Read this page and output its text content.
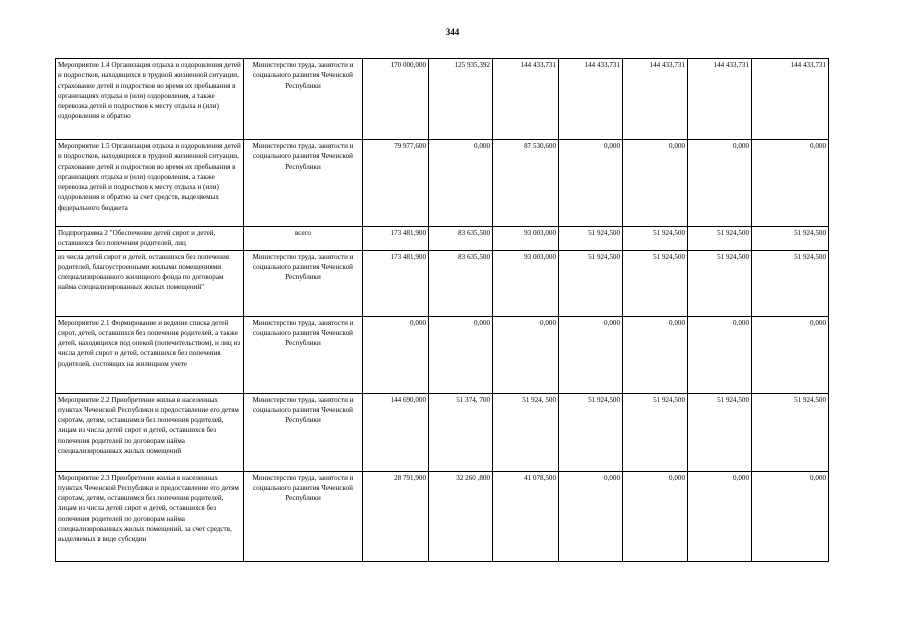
344
Мероприятие 1.4 Организация отдыха и оздоровления детей и подростков, находящихся в трудной жизненной ситуации, страхование детей и подростков во время их пребывания в организациях отдыха и (или) оздоровления, а также перевозка детей и подростков к месту отдыха и (или) оздоровления и обратно	Министерство труда, занятости и социального развития Чеченской Республики	170 000,000	125 935,392	144 433,731	144 433,731	144 433,731	144 433,731	144 433,731
Мероприятие 1.5 Организация отдыха и оздоровления детей и подростков, находящихся в трудной жизненной ситуации, страхование детей и подростков во время их пребывания в организациях отдыха и (или) оздоровления, а также перевозка детей и подростков к месту отдыха и (или) оздоровления и обратно за счет средств, выделяемых федерального бюджета	Министерство труда, занятости и социального развития Чеченской Республики	79 977,600	0,000	87 530,600	0,000	0,000	0,000	0,000
Подпрограмма 2 "Обеспечение детей сирот и детей, оставшихся без попечения родителей, лиц	всего	173 481,900	83 635,500	93 003,000	51 924,500	51 924,500	51 924,500	51 924,500
из числа детей сирот и детей, оставшихся без попечения родителей, благоустроенными жилыми помещениями специализированного жилищного фонда по договорам найма специализированных жилых помещений"	Министерство труда, занятости и социального развития Чеченской Республики	173 481,900	83 635,500	93 003,000	51 924,500	51 924,500	51 924,500	51 924,500
Мероприятие 2.1 Формирование и ведение списка детей сирот, детей, оставшихся без попечения родителей, а также детей, находящихся под опекой (попечительством), и лиц из числа детей сирот и детей, оставшихся без попечения родителей, состоящих на жилищном учете	Министерство труда, занятости и социального развития Чеченской Республики	0,000	0,000	0,000	0,000	0,000	0,000	0,000
Мероприятие 2.2 Приобретение жилья в населенных пунктах Чеченской Республики и предоставление его детям сиротам, детям, оставшимся без попечения родителей, лицам из числа детей сирот и детей, оставшихся без попечения родителей по договорам найма специализированных жилых помещений	Министерство труда, занятости и социального развития Чеченской Республики	144 690,000	51 374, 700	51 924, 500	51 924,500	51 924,500	51 924,500	51 924,500
Мероприятие 2.3 Приобретение жилья в населенных пунктах Чеченской Республики и предоставление его детям сиротам, детям, оставшимся без попечения родителей, лицам из числа детей сирот и детей, оставшихся без попечения родителей по договорам найма специализированных жилых помещений, за счет средств, выделяемых в виде субсидии	Министерство труда, занятости и социального развития Чеченской Республики	28 791,900	32 260 ,800	41 078,500	0,000	0,000	0,000	0,000
